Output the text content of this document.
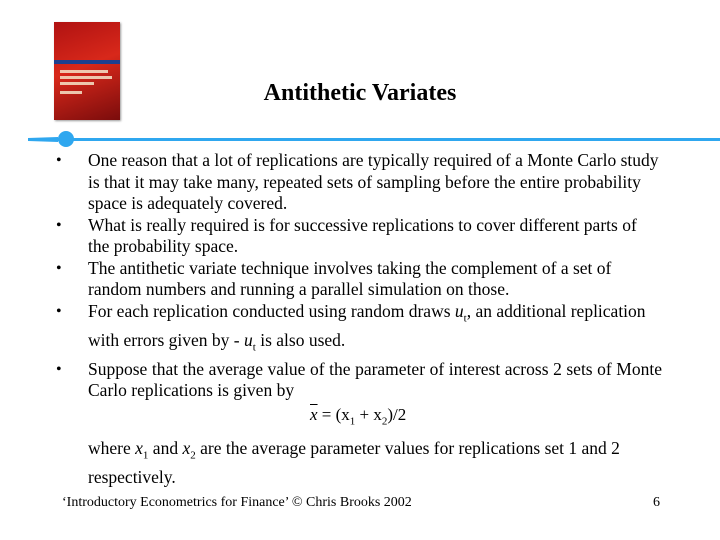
Antithetic Variates
• One reason that a lot of replications are typically required of a Monte Carlo study is that it may take many, repeated sets of sampling before the entire probability space is adequately covered.
• What is really required is for successive replications to cover different parts of the probability space.
• The antithetic variate technique involves taking the complement of a set of random numbers and running a parallel simulation on those.
• For each replication conducted using random draws $u_t$, an additional replication with errors given by - $u_t$ is also used.
• Suppose that the average value of the parameter of interest across 2 sets of Monte Carlo replications is given by
$\overline{x} = (x_1 + x_2)/2$
where $x_1$ and $x_2$ are the average parameter values for replications set 1 and 2 respectively.
‘Introductory Econometrics for Finance’ © Chris Brooks 2002	6
